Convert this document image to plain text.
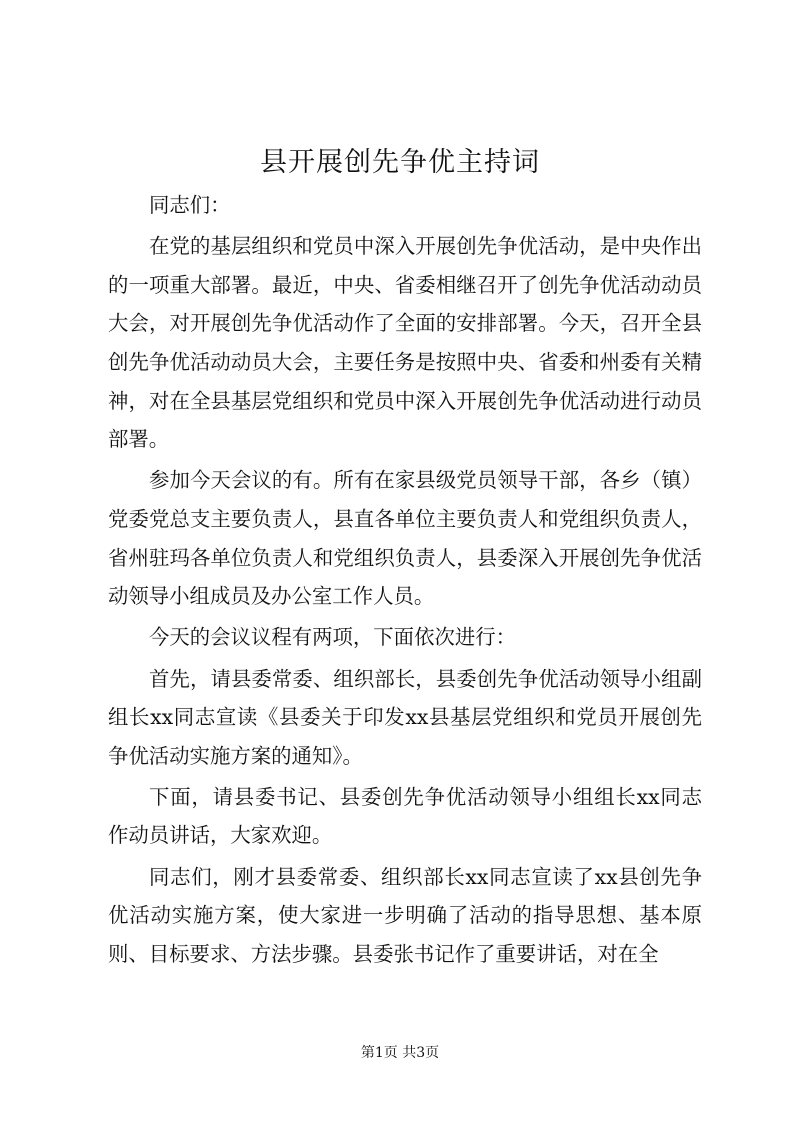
县开展创先争优主持词

同志们：

在党的基层组织和党员中深入开展创先争优活动，是中央作出的一项重大部署。最近，中央、省委相继召开了创先争优活动动员大会，对开展创先争优活动作了全面的安排部署。今天，召开全县创先争优活动动员大会，主要任务是按照中央、省委和州委有关精神，对在全县基层党组织和党员中深入开展创先争优活动进行动员部署。

参加今天会议的有。所有在家县级党员领导干部，各乡（镇）党委党总支主要负责人，县直各单位主要负责人和党组织负责人，省州驻玛各单位负责人和党组织负责人，县委深入开展创先争优活动领导小组成员及办公室工作人员。

今天的会议议程有两项，下面依次进行：

首先，请县委常委、组织部长，县委创先争优活动领导小组副组长xx同志宣读《县委关于印发xx县基层党组织和党员开展创先争优活动实施方案的通知》。

下面，请县委书记、县委创先争优活动领导小组组长xx同志作动员讲话，大家欢迎。

同志们，刚才县委常委、组织部长xx同志宣读了xx县创先争优活动实施方案，使大家进一步明确了活动的指导思想、基本原则、目标要求、方法步骤。县委张书记作了重要讲话，对在全

第1页 共3页
